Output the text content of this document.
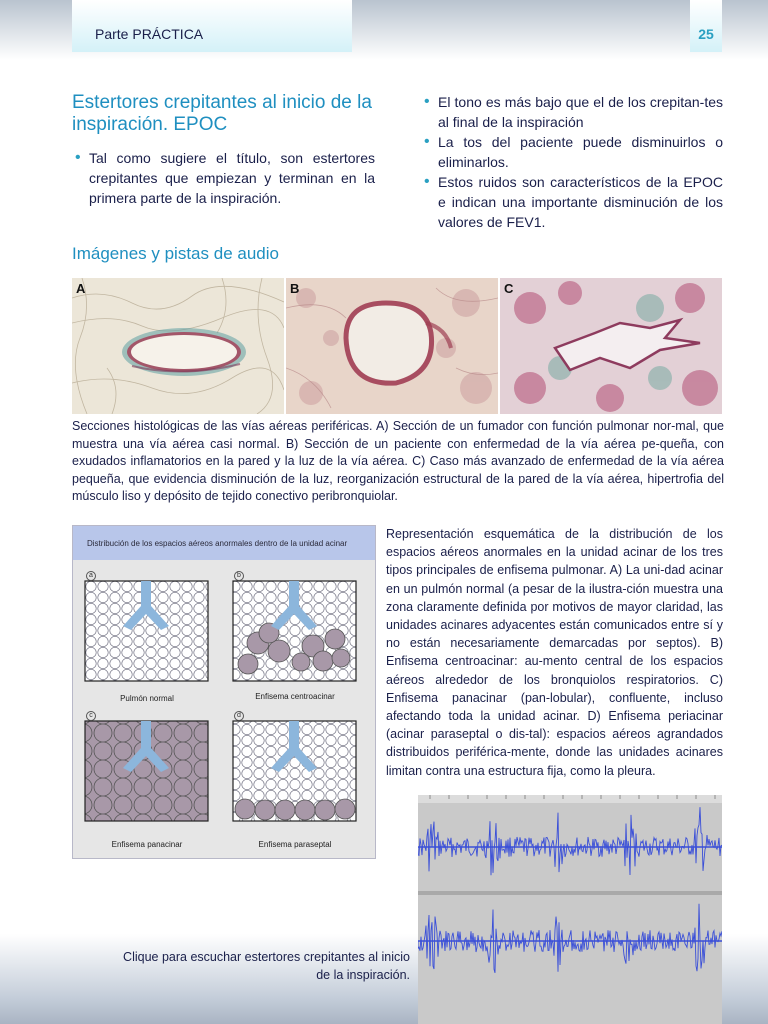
Parte PRÁCTICA	25
Estertores crepitantes al inicio de la inspiración. EPOC
• Tal como sugiere el título, son estertores crepitantes que empiezan y terminan en la primera parte de la inspiración.
• El tono es más bajo que el de los crepitan-tes al final de la inspiración
• La tos del paciente puede disminuirlos o eliminarlos.
• Estos ruidos son característicos de la EPOC e indican una importante disminución de los valores de FEV1.
Imágenes y pistas de audio
A	B	C
Secciones histológicas de las vías aéreas periféricas. A) Sección de un fumador con función pulmonar nor-mal, que muestra una vía aérea casi normal. B) Sección de un paciente con enfermedad de la vía aérea pe-queña, con exudados inflamatorios en la pared y la luz de la vía aérea. C) Caso más avanzado de enfermedad de la vía aérea pequeña, que evidencia disminución de la luz, reorganización estructural de la pared de la vía aérea, hipertrofia del músculo liso y depósito de tejido conectivo peribronquiolar.
Distribución de los espacios aéreos anormales dentro de la unidad acinar
a	b
c	d
Pulmón normal	Enfisema centroacinar
Enfisema panacinar	Enfisema paraseptal
Representación esquemática de la distribución de los espacios aéreos anormales en la unidad acinar de los tres tipos principales de enfisema pulmonar. A) La uni-dad acinar en un pulmón normal (a pesar de la ilustra-ción muestra una zona claramente definida por motivos de mayor claridad, las unidades acinares adyacentes están comunicados entre sí y no están necesariamente demarcadas por septos). B) Enfisema centroacinar: au-mento central de los espacios aéreos alrededor de los bronquiolos respiratorios. C) Enfisema panacinar (pan-lobular), confluente, incluso afectando toda la unidad acinar. D) Enfisema periacinar (acinar paraseptal o dis-tal): espacios aéreos agrandados distribuidos periférica-mente, donde las unidades acinares limitan contra una estructura fija, como la pleura.
Clique para escuchar estertores crepitantes al inicio de la inspiración.
